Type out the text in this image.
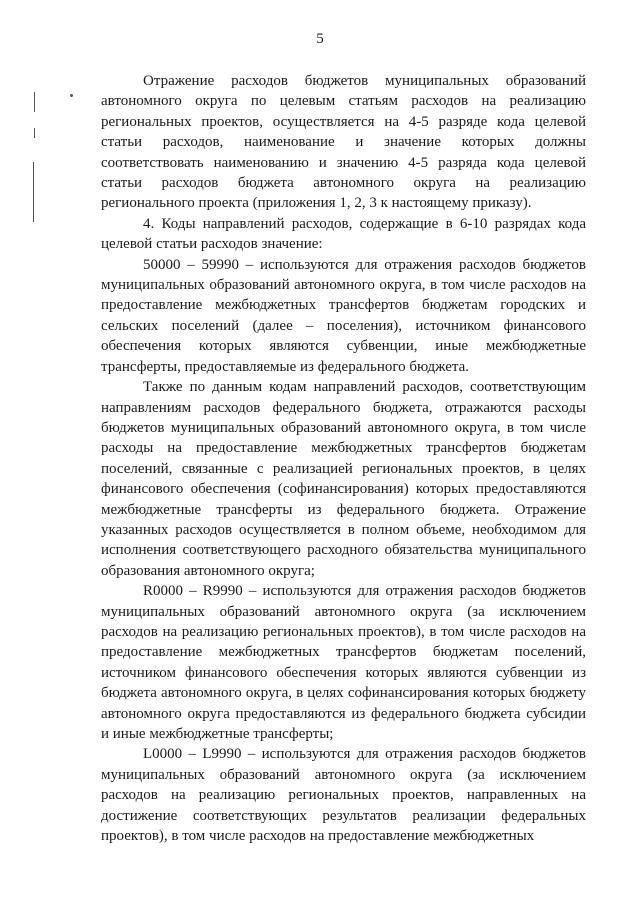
5

Отражение расходов бюджетов муниципальных образований автономного округа по целевым статьям расходов на реализацию региональных проектов, осуществляется на 4-5 разряде кода целевой статьи расходов, наименование и значение которых должны соответствовать наименованию и значению 4-5 разряда кода целевой статьи расходов бюджета автономного округа на реализацию регионального проекта (приложения 1, 2, 3 к настоящему приказу).

4. Коды направлений расходов, содержащие в 6-10 разрядах кода целевой статьи расходов значение:

50000 – 59990 – используются для отражения расходов бюджетов муниципальных образований автономного округа, в том числе расходов на предоставление межбюджетных трансфертов бюджетам городских и сельских поселений (далее – поселения), источником финансового обеспечения которых являются субвенции, иные межбюджетные трансферты, предоставляемые из федерального бюджета.

Также по данным кодам направлений расходов, соответствующим направлениям расходов федерального бюджета, отражаются расходы бюджетов муниципальных образований автономного округа, в том числе расходы на предоставление межбюджетных трансфертов бюджетам поселений, связанные с реализацией региональных проектов, в целях финансового обеспечения (софинансирования) которых предоставляются межбюджетные трансферты из федерального бюджета. Отражение указанных расходов осуществляется в полном объеме, необходимом для исполнения соответствующего расходного обязательства муниципального образования автономного округа;

R0000 – R9990 – используются для отражения расходов бюджетов муниципальных образований автономного округа (за исключением расходов на реализацию региональных проектов), в том числе расходов на предоставление межбюджетных трансфертов бюджетам поселений, источником финансового обеспечения которых являются субвенции из бюджета автономного округа, в целях софинансирования которых бюджету автономного округа предоставляются из федерального бюджета субсидии и иные межбюджетные трансферты;

L0000 – L9990 – используются для отражения расходов бюджетов муниципальных образований автономного округа (за исключением расходов на реализацию региональных проектов, направленных на достижение соответствующих результатов реализации федеральных проектов), в том числе расходов на предоставление межбюджетных
